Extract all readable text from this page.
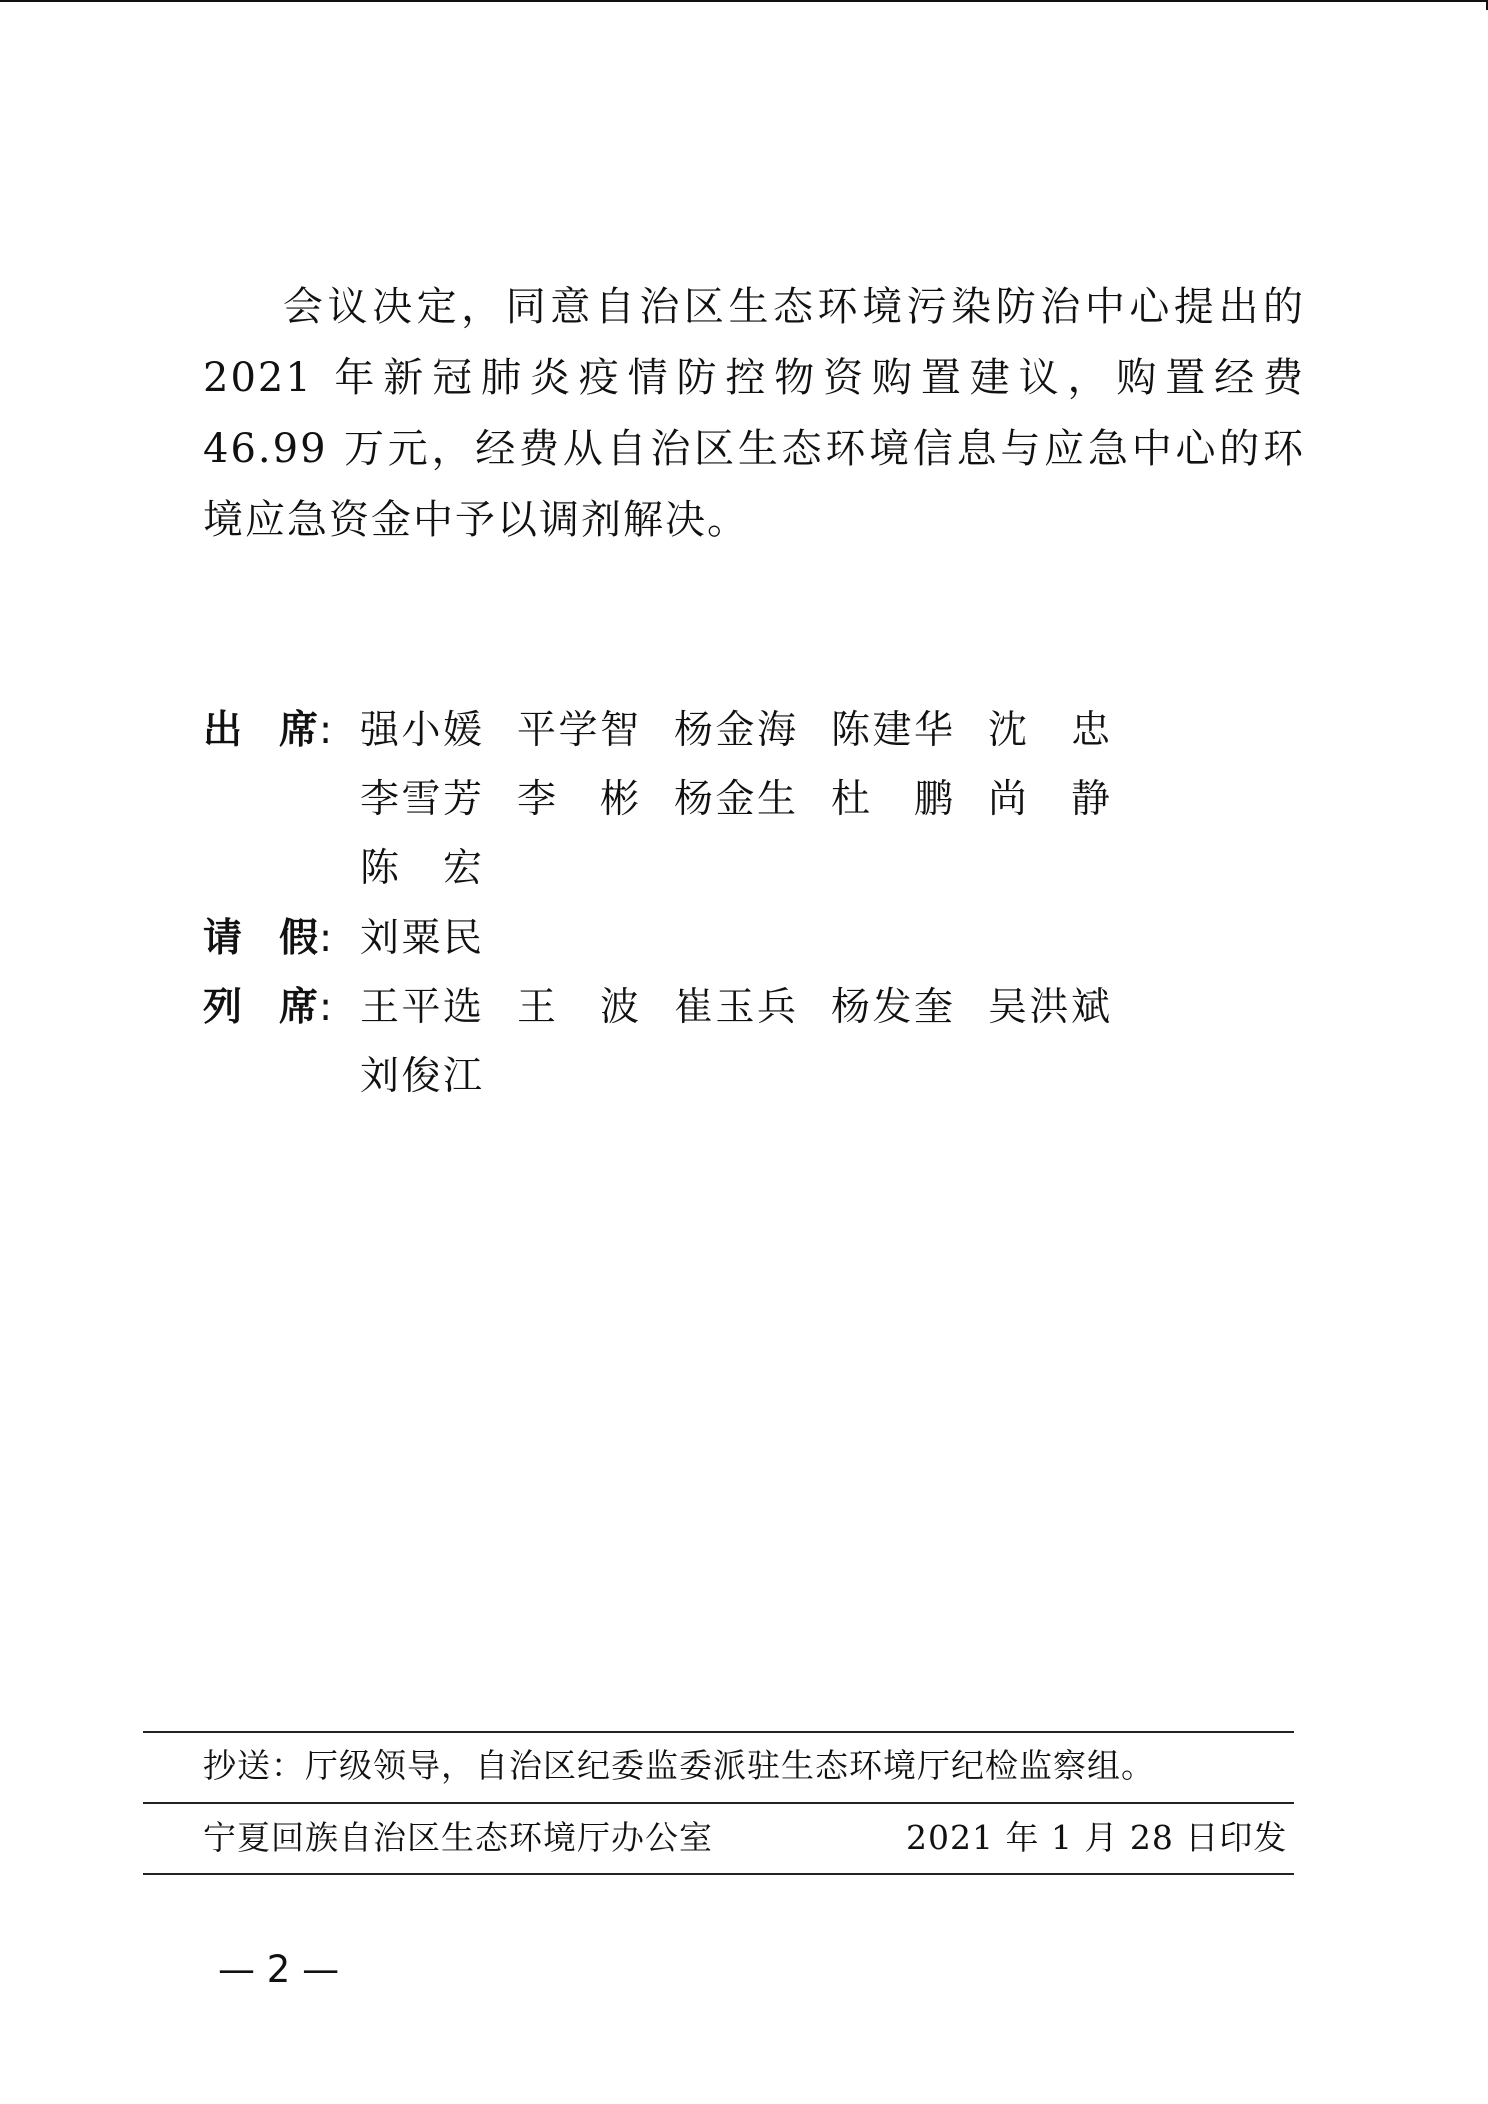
会议决定，同意自治区生态环境污染防治中心提出的 2021 年新冠肺炎疫情防控物资购置建议，购置经费 46.99 万元，经费从自治区生态环境信息与应急中心的环境应急资金中予以调剂解决。

出 席 : 强 小 媛 平 学 智 杨 金 海 陈 建 华 沈
　 忠
李 雪 芳 李
　 彬 杨 金 生 杜
　 鹏 尚
　 静
陈
　 宏
请 假 : 刘 粟 民
列 席 : 王 平 选 王
　 波 崔 玉 兵 杨 发 奎 吴 洪 斌
刘 俊 江
抄送：厅级领导，自治区纪委监委派驻生态环境厅纪检监察组。
宁夏回族自治区生态环境厅办公室	2021 年 1 月 28 日印发
— 2 —
